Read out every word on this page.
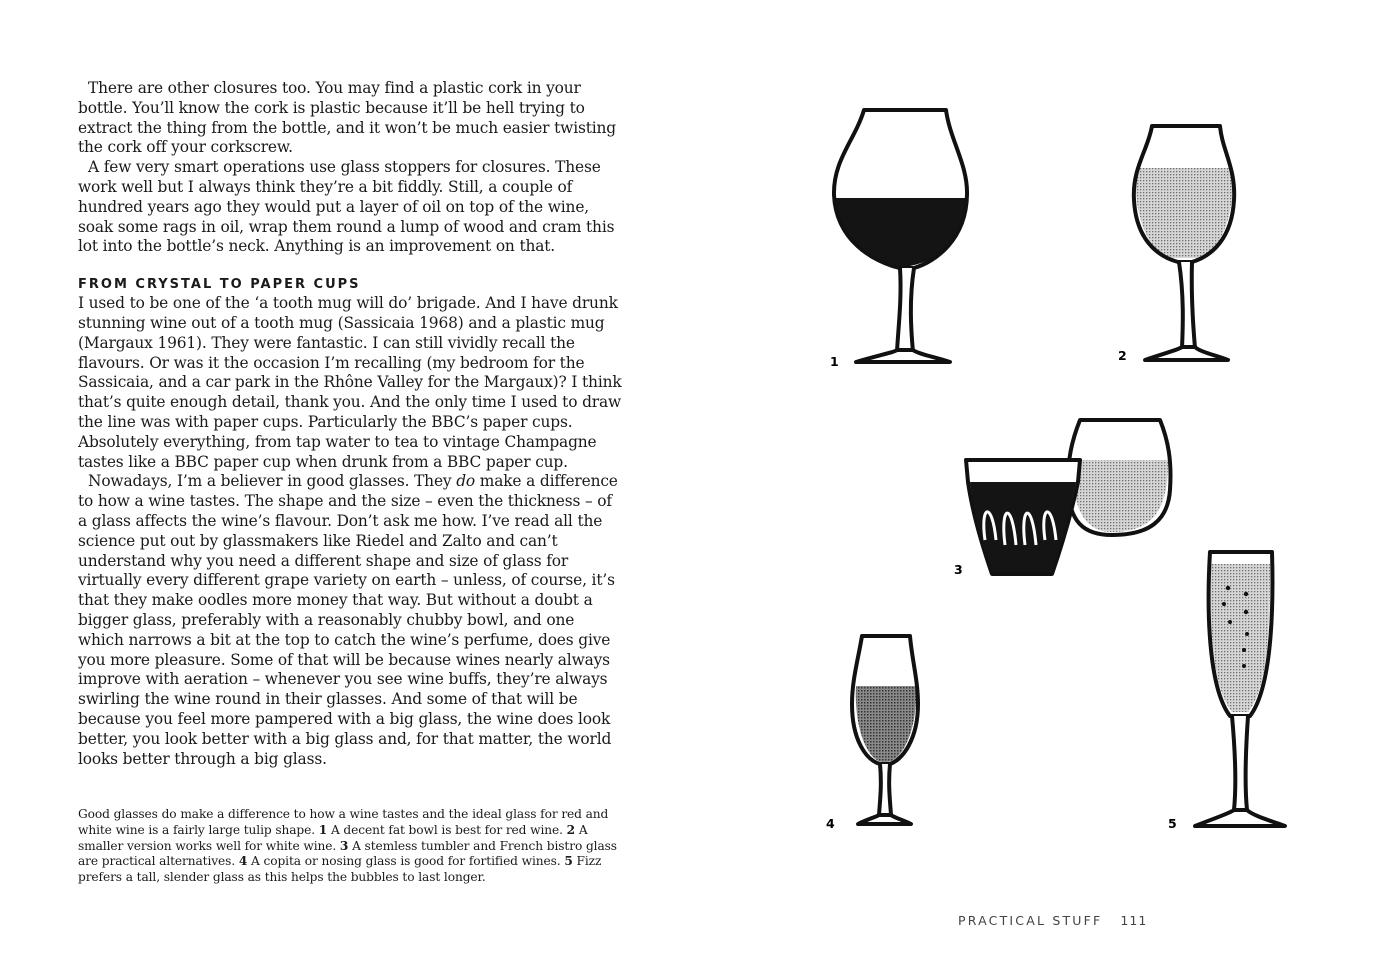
There are other closures too. You may find a plastic cork in your bottle. You’ll know the cork is plastic because it’ll be hell trying to extract the thing from the bottle, and it won’t be much easier twisting the cork off your corkscrew.

A few very smart operations use glass stoppers for closures. These work well but I always think they’re a bit fiddly. Still, a couple of hundred years ago they would put a layer of oil on top of the wine, soak some rags in oil, wrap them round a lump of wood and cram this lot into the bottle’s neck. Anything is an improvement on that.

FROM CRYSTAL TO PAPER CUPS

I used to be one of the ‘a tooth mug will do’ brigade. And I have drunk stunning wine out of a tooth mug (Sassicaia 1968) and a plastic mug (Margaux 1961). They were fantastic. I can still vividly recall the flavours. Or was it the occasion I’m recalling (my bedroom for the Sassicaia, and a car park in the Rhône Valley for the Margaux)? I think that’s quite enough detail, thank you. And the only time I used to draw the line was with paper cups. Particularly the BBC’s paper cups. Absolutely everything, from tap water to tea to vintage Champagne tastes like a BBC paper cup when drunk from a BBC paper cup.

Nowadays, I’m a believer in good glasses. They do make a difference to how a wine tastes. The shape and the size – even the thickness – of a glass affects the wine’s flavour. Don’t ask me how. I’ve read all the science put out by glassmakers like Riedel and Zalto and can’t understand why you need a different shape and size of glass for virtually every different grape variety on earth – unless, of course, it’s that they make oodles more money that way. But without a doubt a bigger glass, preferably with a reasonably chubby bowl, and one which narrows a bit at the top to catch the wine’s perfume, does give you more pleasure. Some of that will be because wines nearly always improve with aeration – whenever you see wine buffs, they’re always swirling the wine round in their glasses. And some of that will be because you feel more pampered with a big glass, the wine does look better, you look better with a big glass and, for that matter, the world looks better through a big glass.

Good glasses do make a difference to how a wine tastes and the ideal glass for red and white wine is a fairly large tulip shape. 1 A decent fat bowl is best for red wine. 2 A smaller version works well for white wine. 3 A stemless tumbler and French bistro glass are practical alternatives. 4 A copita or nosing glass is good for fortified wines. 5 Fizz prefers a tall, slender glass as this helps the bubbles to last longer.

1	2
3
4	5
PRACTICAL STUFF 111
